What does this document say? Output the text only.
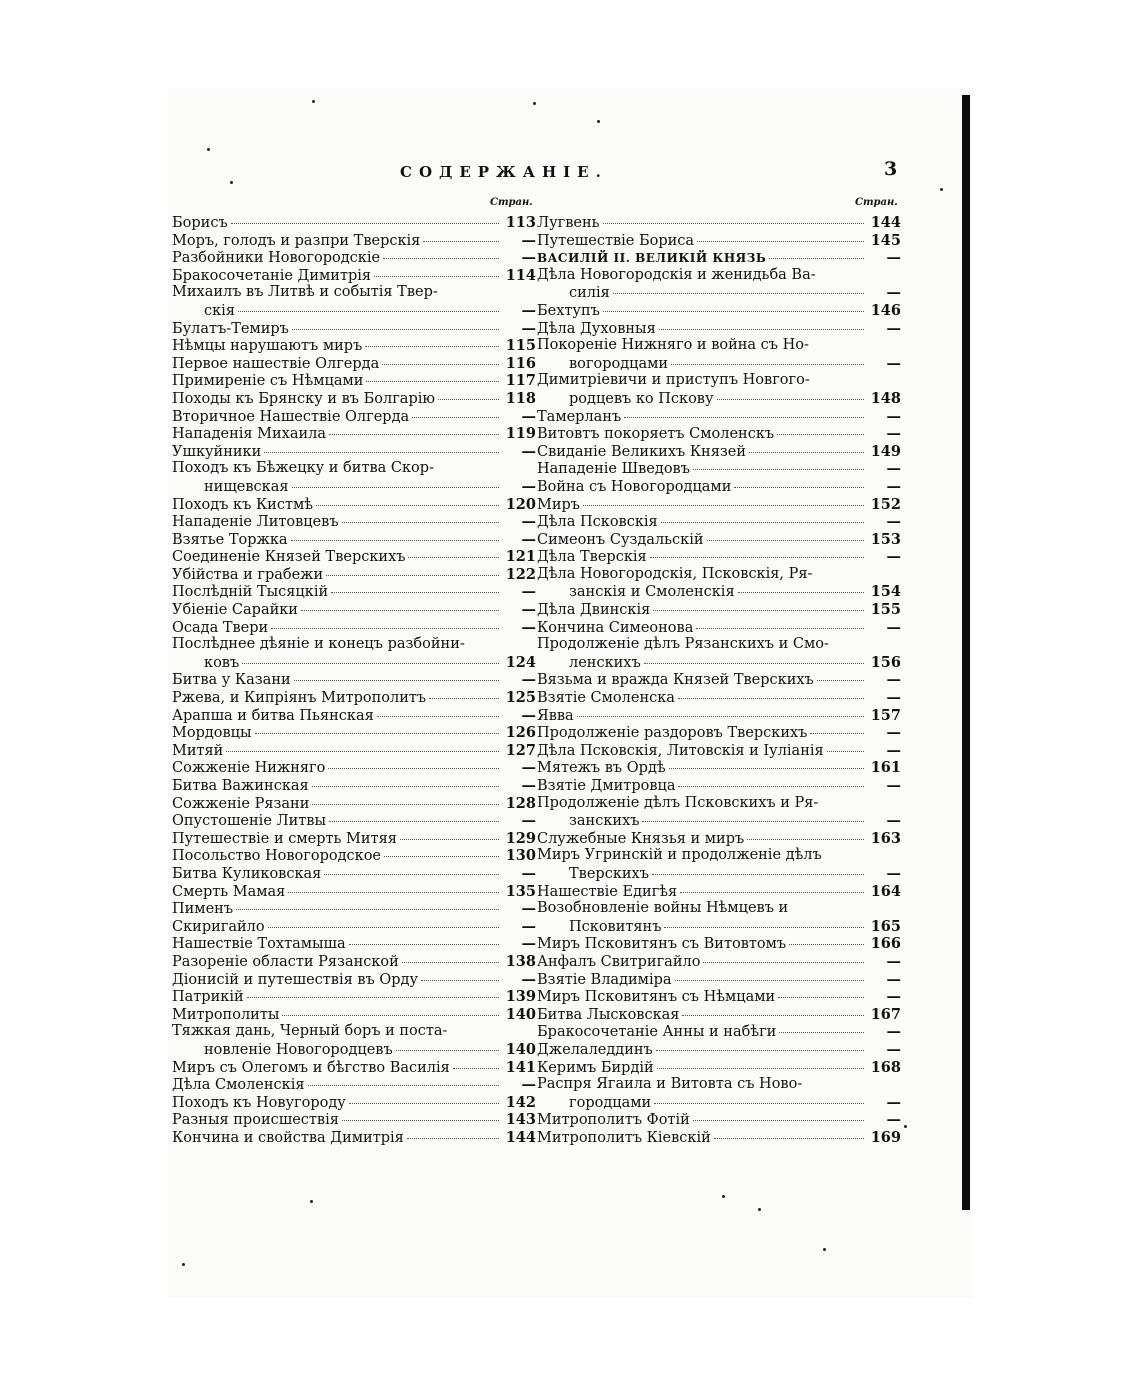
СОДЕРЖАНIЕ.	3
Стран.	Стран.
Борисъ	113
Моръ, голодъ и разпри Тверскія	—
Разбойники Новогородскіе	—
Бракосочетаніе Димитрія	114
Михаилъ въ Литвѣ и событія Твер-
скія	—
Булатъ-Темиръ	—
Нѣмцы нарушаютъ миръ	115
Первое нашествіе Олгерда	116
Примиреніе съ Нѣмцами	117
Походы къ Брянску и въ Болгарію	118
Вторичное Нашествіе Олгерда	—
Нападенія Михаила	119
Ушкуйники	—
Походъ къ Бѣжецку и битва Скор-
нищевская	—
Походъ къ Кистмѣ	120
Нападеніе Литовцевъ	—
Взятье Торжка	—
Соединеніе Князей Тверскихъ	121
Убійства и грабежи	122
Послѣдній Тысяцкій	—
Убіеніе Сарайки	—
Осада Твери	—
Послѣднее дѣяніе и конецъ разбойни-
ковъ	124
Битва у Казани	—
Ржева, и Кипріянъ Митрополитъ	125
Арапша и битва Пьянская	—
Мордовцы	126
Митяй	127
Сожженіе Нижняго	—
Битва Важинская	—
Сожженіе Рязани	128
Опустошеніе Литвы	—
Путешествіе и смерть Митяя	129
Посольство Новогородское	130
Битва Куликовская	—
Смерть Мамая	135
Пименъ	—
Скиригайло	—
Нашествіе Тохтамыша	—
Разореніе области Рязанской	138
Діонисій и путешествія въ Орду	—
Патрикій	139
Митрополиты	140
Тяжкая дань, Черный боръ и поста-
новленіе Новогородцевъ	140
Миръ съ Олегомъ и бѣгство Василія	141
Дѣла Смоленскія	—
Походъ къ Новугороду	142
Разныя происшествія	143
Кончина и свойства Димитрія	144
Лугвень	144
Путешествіе Бориса	145
ВАСИЛІЙ II. ВЕЛИКІЙ КНЯЗЬ	—
Дѣла Новогородскія и женидьба Ва-
силія	—
Бехтупъ	146
Дѣла Духовныя	—
Покореніе Нижняго и война съ Но-
вогородцами	—
Димитріевичи и приступъ Новгого-
родцевъ ко Пскову	148
Тамерланъ	—
Витовтъ покоряетъ Смоленскъ	—
Свиданіе Великихъ Князей	149
Нападеніе Шведовъ	—
Война съ Новогородцами	—
Миръ	152
Дѣла Псковскія	—
Симеонъ Суздальскій	153
Дѣла Тверскія	—
Дѣла Новогородскія, Псковскія, Ря-
занскія и Смоленскія	154
Дѣла Двинскія	155
Кончина Симеонова	—
Продолженіе дѣлъ Рязанскихъ и Смо-
ленскихъ	156
Вязьма и вражда Князей Тверскихъ	—
Взятіе Смоленска	—
Явва	157
Продолженіе раздоровъ Тверскихъ	—
Дѣла Псковскія, Литовскія и Іуліанія	—
Мятежъ въ Ордѣ	161
Взятіе Дмитровца	—
Продолженіе дѣлъ Псковскихъ и Ря-
занскихъ	—
Служебные Князья и миръ	163
Миръ Угринскій и продолженіе дѣлъ
Тверскихъ	—
Нашествіе Едигѣя	164
Возобновленіе войны Нѣмцевъ и
Псковитянъ	165
Миръ Псковитянъ съ Витовтомъ	166
Анфалъ Свитригайло	—
Взятіе Владиміра	—
Миръ Псковитянъ съ Нѣмцами	—
Битва Лысковская	167
Бракосочетаніе Анны и набѣги	—
Джелаледдинъ	—
Керимъ Бирдій	168
Распря Ягаила и Витовта съ Ново-
городцами	—
Митрополитъ Фотій	—
Митрополитъ Кіевскій	169
